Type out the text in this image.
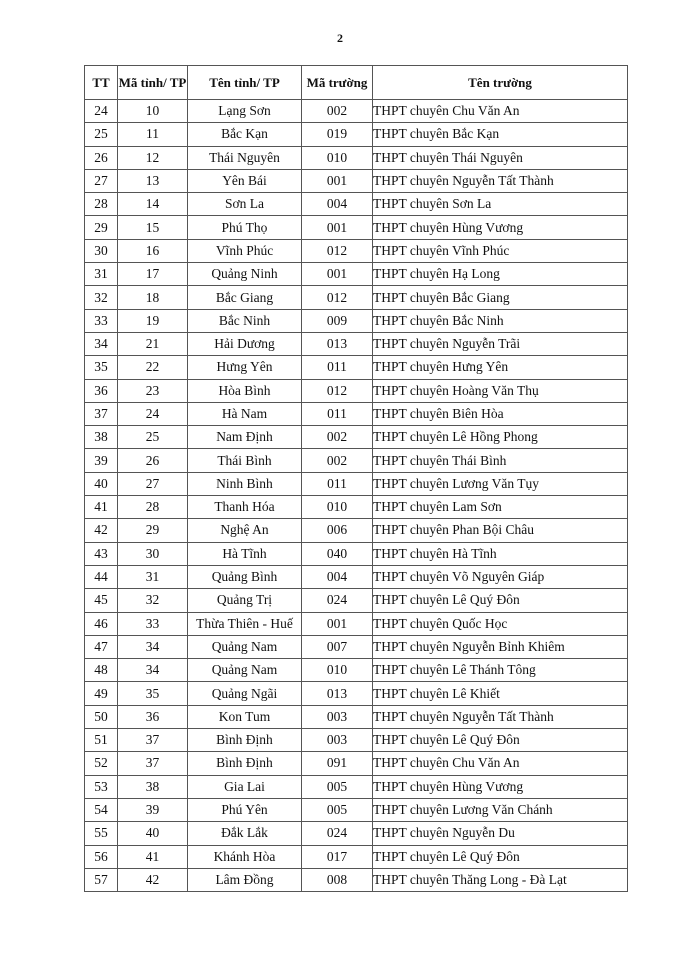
2
TT	Mã tỉnh/ TP	Tên tỉnh/ TP	Mã trường	Tên trường
24	10	Lạng Sơn	002	THPT chuyên Chu Văn An
25	11	Bắc Kạn	019	THPT chuyên Bắc Kạn
26	12	Thái Nguyên	010	THPT chuyên Thái Nguyên
27	13	Yên Bái	001	THPT chuyên Nguyễn Tất Thành
28	14	Sơn La	004	THPT chuyên Sơn La
29	15	Phú Thọ	001	THPT chuyên Hùng Vương
30	16	Vĩnh Phúc	012	THPT chuyên Vĩnh Phúc
31	17	Quảng Ninh	001	THPT chuyên Hạ Long
32	18	Bắc Giang	012	THPT chuyên Bắc Giang
33	19	Bắc Ninh	009	THPT chuyên Bắc Ninh
34	21	Hải Dương	013	THPT chuyên Nguyễn Trãi
35	22	Hưng Yên	011	THPT chuyên Hưng Yên
36	23	Hòa Bình	012	THPT chuyên Hoàng Văn Thụ
37	24	Hà Nam	011	THPT chuyên Biên Hòa
38	25	Nam Định	002	THPT chuyên Lê Hồng Phong
39	26	Thái Bình	002	THPT chuyên Thái Bình
40	27	Ninh Bình	011	THPT chuyên Lương Văn Tụy
41	28	Thanh Hóa	010	THPT chuyên Lam Sơn
42	29	Nghệ An	006	THPT chuyên Phan Bội Châu
43	30	Hà Tĩnh	040	THPT chuyên Hà Tĩnh
44	31	Quảng Bình	004	THPT chuyên Võ Nguyên Giáp
45	32	Quảng Trị	024	THPT chuyên Lê Quý Đôn
46	33	Thừa Thiên - Huế	001	THPT chuyên Quốc Học
47	34	Quảng Nam	007	THPT chuyên Nguyễn Bỉnh Khiêm
48	34	Quảng Nam	010	THPT chuyên Lê Thánh Tông
49	35	Quảng Ngãi	013	THPT chuyên Lê Khiết
50	36	Kon Tum	003	THPT chuyên Nguyễn Tất Thành
51	37	Bình Định	003	THPT chuyên Lê Quý Đôn
52	37	Bình Định	091	THPT chuyên Chu Văn An
53	38	Gia Lai	005	THPT chuyên Hùng Vương
54	39	Phú Yên	005	THPT chuyên Lương Văn Chánh
55	40	Đắk Lắk	024	THPT chuyên Nguyễn Du
56	41	Khánh Hòa	017	THPT chuyên Lê Quý Đôn
57	42	Lâm Đồng	008	THPT chuyên Thăng Long - Đà Lạt
